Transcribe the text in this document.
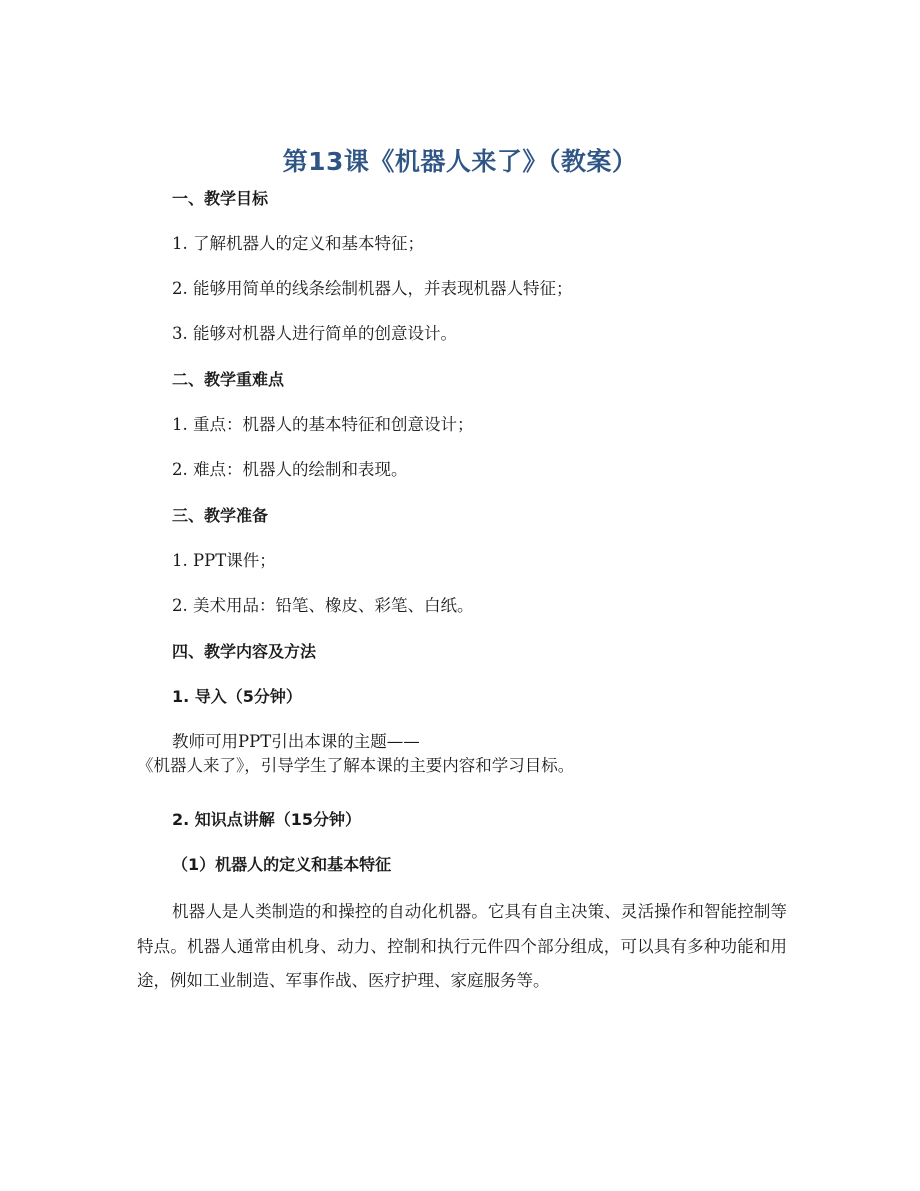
第13课《机器人来了》（教案）

一、教学目标

1. 了解机器人的定义和基本特征；

2. 能够用简单的线条绘制机器人，并表现机器人特征；

3. 能够对机器人进行简单的创意设计。

二、教学重难点

1. 重点：机器人的基本特征和创意设计；

2. 难点：机器人的绘制和表现。

三、教学准备

1. PPT课件；

2. 美术用品：铅笔、橡皮、彩笔、白纸。

四、教学内容及方法

1. 导入（5分钟）

教师可用PPT引出本课的主题——
《机器人来了》，引导学生了解本课的主要内容和学习目标。

2. 知识点讲解（15分钟）

（1）机器人的定义和基本特征

机器人是人类制造的和操控的自动化机器。它具有自主决策、灵活操作和智能控制等特点。机器人通常由机身、动力、控制和执行元件四个部分组成，可以具有多种功能和用途，例如工业制造、军事作战、医疗护理、家庭服务等。
